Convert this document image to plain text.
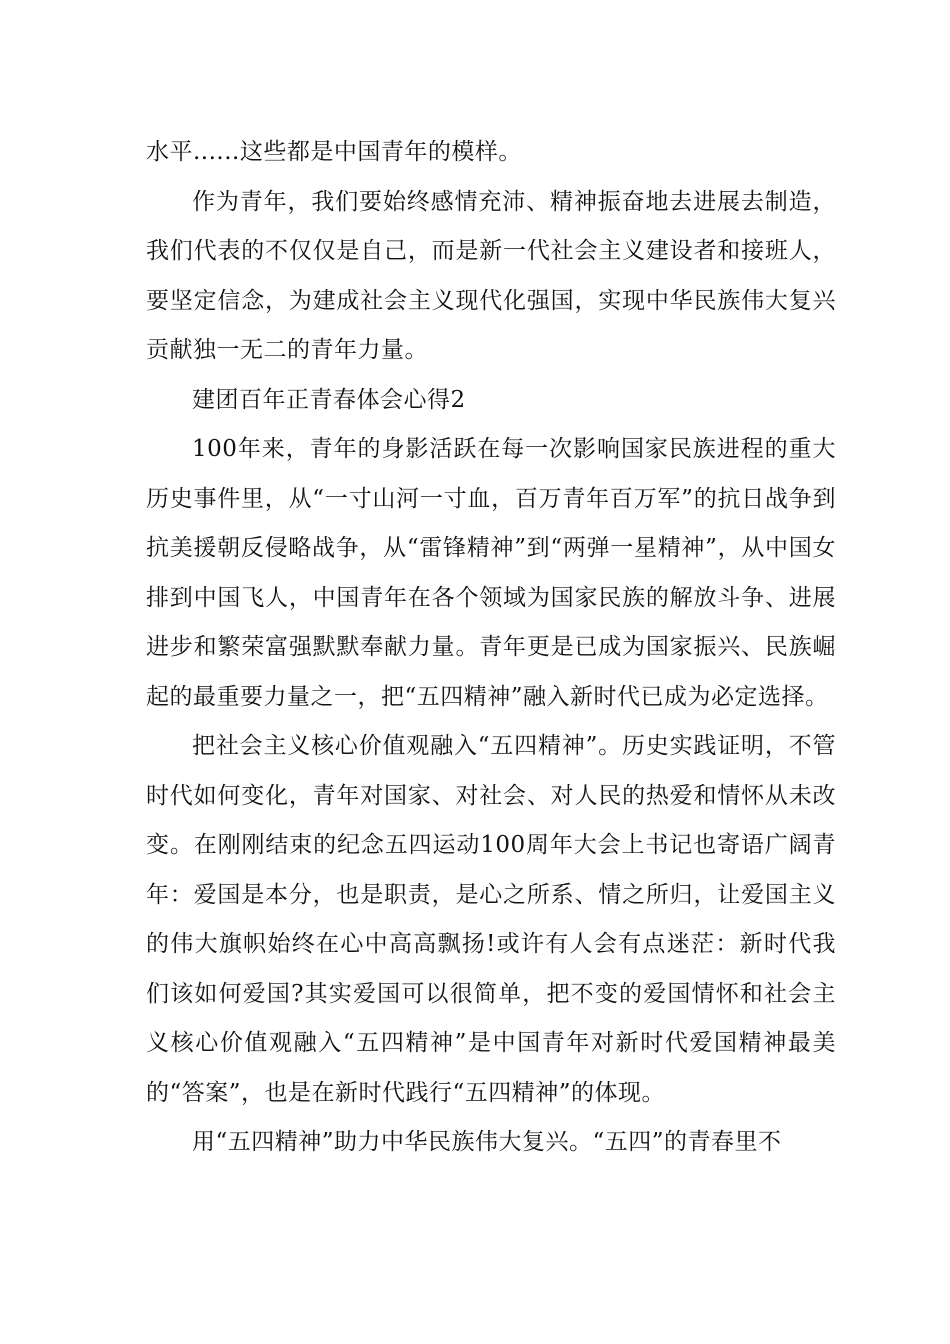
水平......这些都是中国青年的模样。

作为青年，我们要始终感情充沛、精神振奋地去进展去制造，我们代表的不仅仅是自己，而是新一代社会主义建设者和接班人，要坚定信念，为建成社会主义现代化强国，实现中华民族伟大复兴贡献独一无二的青年力量。

建团百年正青春体会心得2

100年来，青年的身影活跃在每一次影响国家民族进程的重大历史事件里，从“一寸山河一寸血，百万青年百万军”的抗日战争到抗美援朝反侵略战争，从“雷锋精神”到“两弹一星精神”，从中国女排到中国飞人，中国青年在各个领域为国家民族的解放斗争、进展进步和繁荣富强默默奉献力量。青年更是已成为国家振兴、民族崛起的最重要力量之一，把“五四精神”融入新时代已成为必定选择。

把社会主义核心价值观融入“五四精神”。历史实践证明，不管时代如何变化，青年对国家、对社会、对人民的热爱和情怀从未改变。在刚刚结束的纪念五四运动100周年大会上书记也寄语广阔青年：爱国是本分，也是职责，是心之所系、情之所归，让爱国主义的伟大旗帜始终在心中高高飘扬!或许有人会有点迷茫：新时代我们该如何爱国?其实爱国可以很简单，把不变的爱国情怀和社会主义核心价值观融入“五四精神”是中国青年对新时代爱国精神最美的“答案”，也是在新时代践行“五四精神”的体现。

用“五四精神”助力中华民族伟大复兴。“五四”的青春里不
